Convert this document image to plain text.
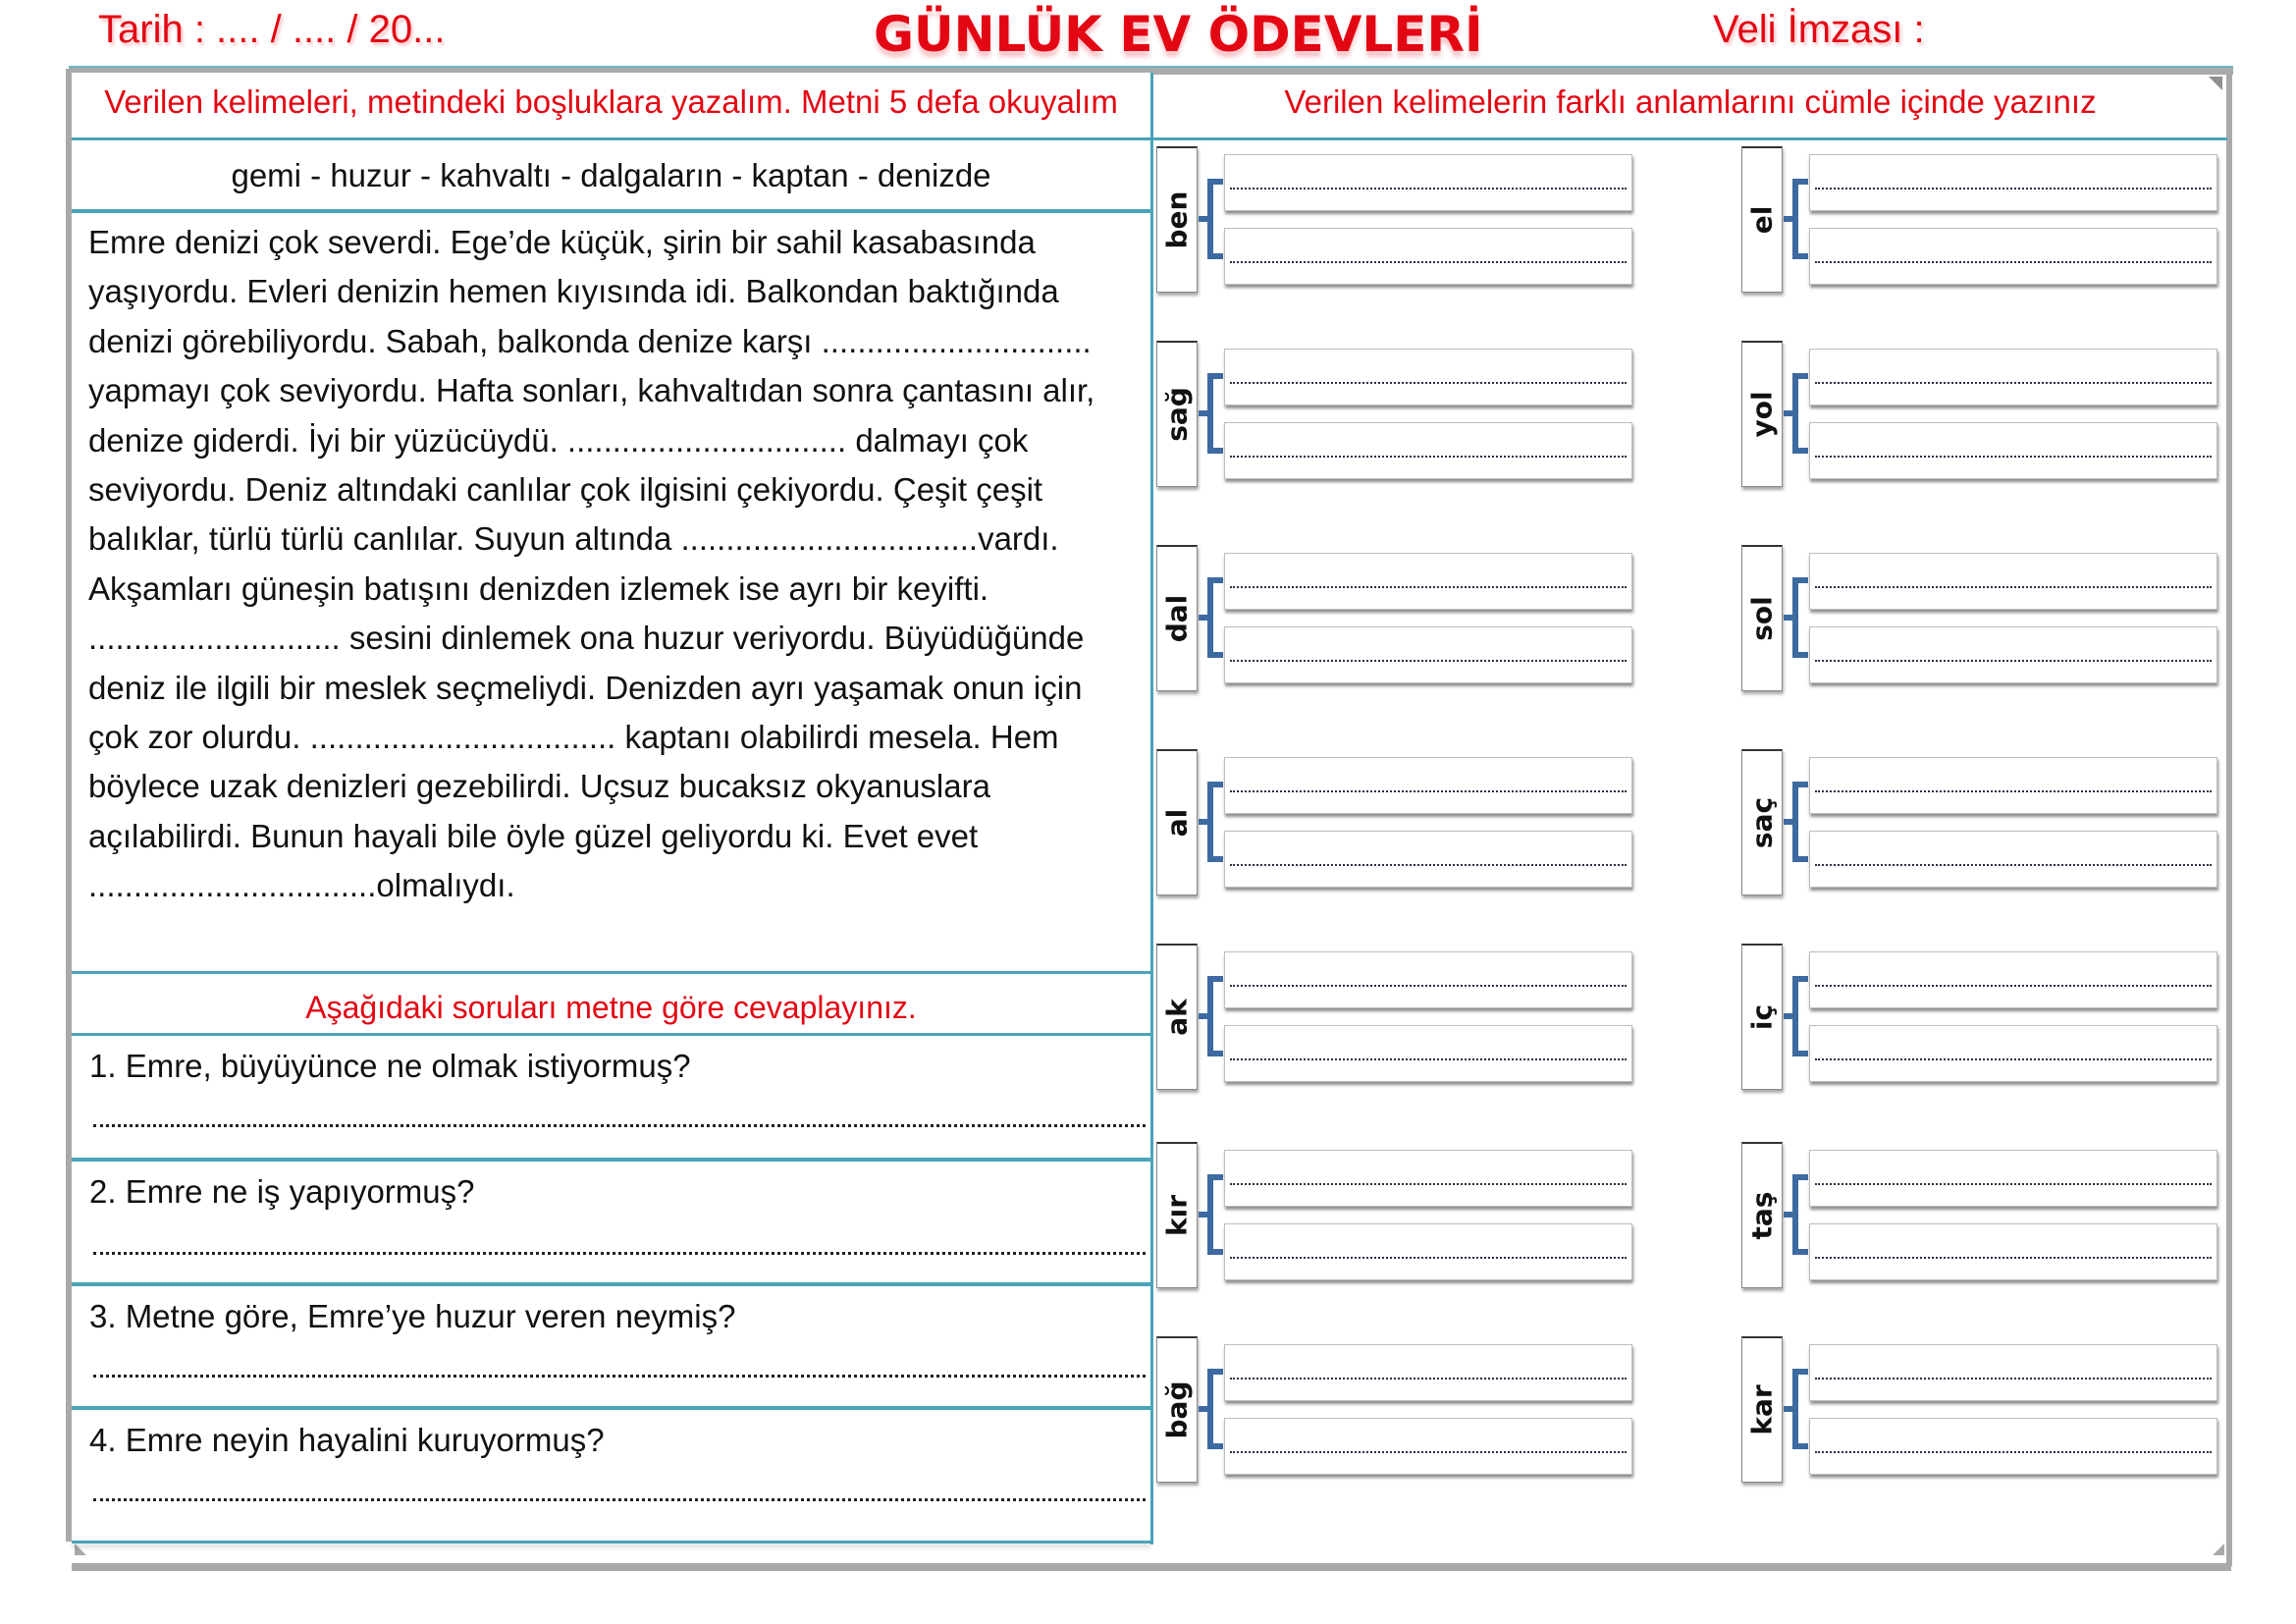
Tarih : .... / .... / 20...	GÜNLÜK EV ÖDEVLERİ	Veli İmzası :
Verilen kelimeleri, metindeki boşluklara yazalım. Metni 5 defa okuyalım
gemi - huzur - kahvaltı - dalgaların - kaptan - denizde
Emre denizi çok severdi. Ege’de küçük, şirin bir sahil kasabasında
yaşıyordu. Evleri denizin hemen kıyısında idi. Balkondan baktığında
denizi görebiliyordu. Sabah, balkonda denize karşı ..............................
yapmayı çok seviyordu. Hafta sonları, kahvaltıdan sonra çantasını alır,
denize giderdi. İyi bir yüzücüydü. ............................... dalmayı çok
seviyordu. Deniz altındaki canlılar çok ilgisini çekiyordu. Çeşit çeşit
balıklar, türlü türlü canlılar. Suyun altında .................................vardı.
Akşamları güneşin batışını denizden izlemek ise ayrı bir keyifti.
............................ sesini dinlemek ona huzur veriyordu. Büyüdüğünde
deniz ile ilgili bir meslek seçmeliydi. Denizden ayrı yaşamak onun için
çok zor olurdu. .................................. kaptanı olabilirdi mesela. Hem
böylece uzak denizleri gezebilirdi. Uçsuz bucaksız okyanuslara
açılabilirdi. Bunun hayali bile öyle güzel geliyordu ki. Evet evet
................................olmalıydı.
Aşağıdaki soruları metne göre cevaplayınız.
1. Emre, büyüyünce ne olmak istiyormuş?
2. Emre ne iş yapıyormuş?
3. Metne göre, Emre’ye huzur veren neymiş?
4. Emre neyin hayalini kuruyormuş?
Verilen kelimelerin farklı anlamlarını cümle içinde yazınız
ben
sağ
dal
al
ak
kır
bağ
el
yol
sol
saç
iç
taş
kar
